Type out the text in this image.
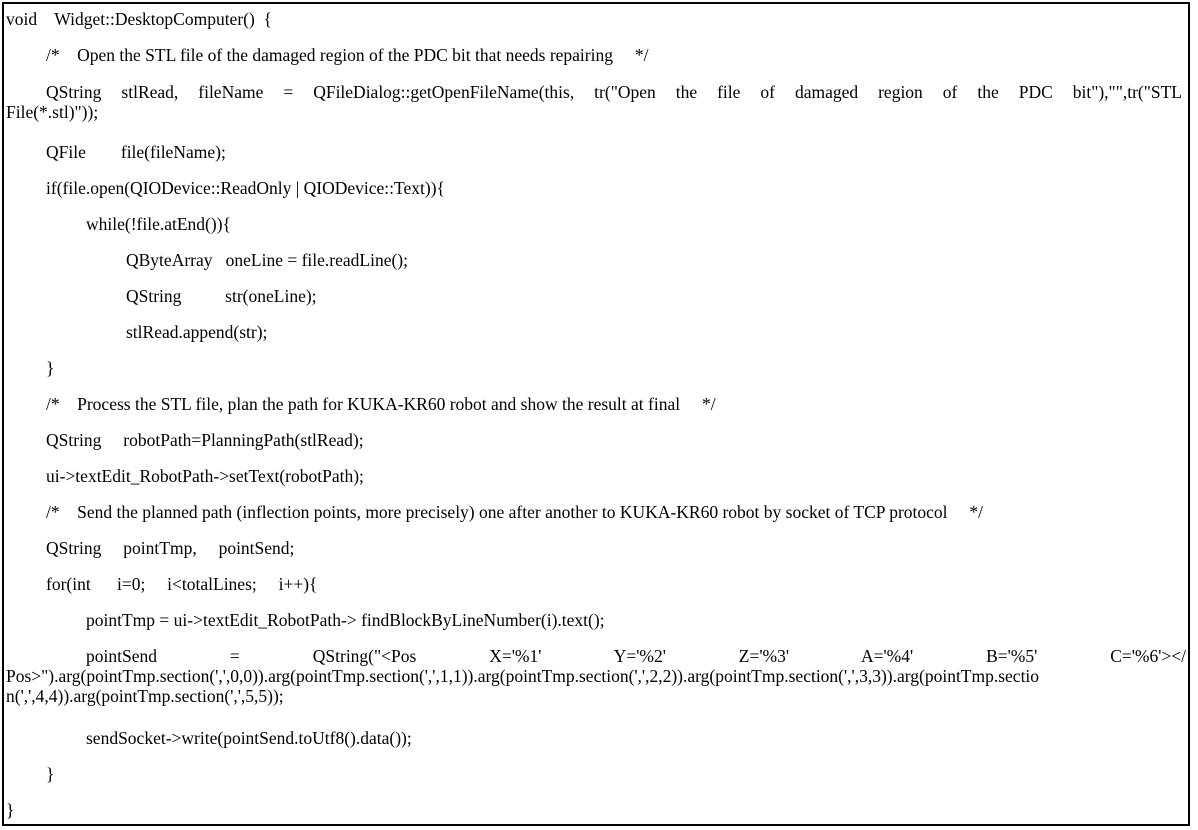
void    Widget::DesktopComputer()  {
/*    Open the STL file of the damaged region of the PDC bit that needs repairing     */
QString stlRead, fileName = QFileDialog::getOpenFileName(this, tr("Open the file of damaged region of the PDC bit"),"",tr("STL
File(*.stl)"));
QFile        file(fileName);
if(file.open(QIODevice::ReadOnly | QIODevice::Text)){
while(!file.atEnd()){
QByteArray   oneLine = file.readLine();
QString          str(oneLine);
stlRead.append(str);
}
/*    Process the STL file, plan the path for KUKA-KR60 robot and show the result at final     */
QString     robotPath=PlanningPath(stlRead);
ui->textEdit_RobotPath->setText(robotPath);
/*    Send the planned path (inflection points, more precisely) one after another to KUKA-KR60 robot by socket of TCP protocol     */
QString     pointTmp,     pointSend;
for(int      i=0;     i<totalLines;     i++){
pointTmp = ui->textEdit_RobotPath-> findBlockByLineNumber(i).text();
pointSend = QString("<Pos X='%1' Y='%2' Z='%3' A='%4' B='%5' C='%6'></
Pos>").arg(pointTmp.section(',',0,0)).arg(pointTmp.section(',',1,1)).arg(pointTmp.section(',',2,2)).arg(pointTmp.section(',',3,3)).arg(pointTmp.sectio
n(',',4,4)).arg(pointTmp.section(',',5,5));
sendSocket->write(pointSend.toUtf8().data());
}
}
